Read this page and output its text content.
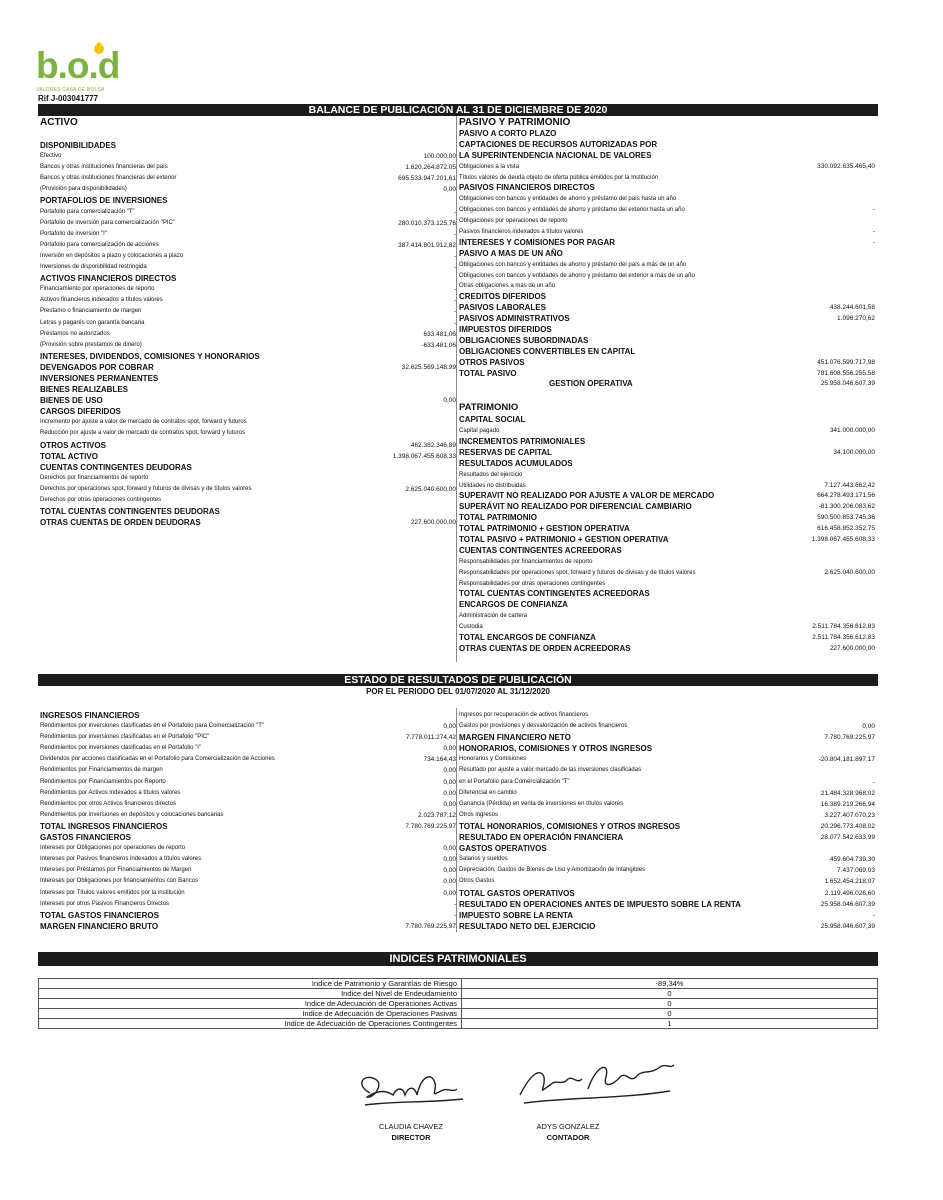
b.o.d
VALORES CASA DE BOLSA
Rif J-003041777
BALANCE DE PUBLICACIÓN AL 31 DE DICIEMBRE DE 2020
ACTIVO	PASIVO Y PATRIMONIO
DISPONIBILIDADES
Efectivo	100.000,00
Bancos y otras instituciones financieras del país	1.620.264.872,05
Bancos y otras instituciones financieras del exterior	695.533.947.201,61
(Provisión para disponibilidades)	0,00
PORTAFOLIOS DE INVERSIONES
Portafolio para comercialización "T"	-
Portafolio de inversión para comercialización "PIC"	280.010.373.125,76
Portafolio de inversión "I"	-
Portafolio para comercialización de acciones	387.414.801.912,82
Inversión en depósitos a plazo y colocaciones a plazo	-
Inversiones de disponibilidad restringida	-
ACTIVOS FINANCIEROS DIRECTOS
Financiamiento por operaciones de reporto	-
Activos financieros indexados a títulos valores	-
Prestamo o financiamiento de margen	-
Letras y pagarés con garantía bancaria	-
Préstamos no autorizados	633.481,06
(Provisión sobre prestamos de dinero)	-633.481,06
INTERESES, DIVIDENDOS, COMISIONES Y HONORARIOS
DEVENGADOS POR COBRAR	32.625.569.148,99
INVERSIONES PERMANENTES
BIENES REALIZABLES
BIENES DE USO	0,00
CARGOS DIFERIDOS
Incremento por ajuste a valor de mercado de contratos spot, forward y futuros
Reducción por ajuste a valor de mercado de contratos spot, forward y futuros
OTROS ACTIVOS	462.382.346,89
TOTAL ACTIVO	1.398.067.455.608,33
CUENTAS CONTINGENTES DEUDORAS
Derechos por financiamientos de reporto
Derechos por operaciones spot, forward y futuros de divisas y de títulos valores	2.625.040.600,00
Derechos por otras operaciones contingentes
TOTAL CUENTAS CONTINGENTES DEUDORAS
OTRAS CUENTAS DE ORDEN DEUDORAS	227.600.000,00
PASIVO A CORTO PLAZO
CAPTACIONES DE RECURSOS AUTORIZADAS POR
LA SUPERINTENDENCIA NACIONAL DE VALORES
Obligaciones a la vista	330.092.635.465,40
Títulos valores de deuda objeto de oferta pública emitidos por la Institución
PASIVOS FINANCIEROS DIRECTOS
Obligaciones con bancos y entidades de ahorro y préstamo del país hasta un año
Obligaciones con bancos y entidades de ahorro y préstamo del exterior hasta un año	-
Obligaciones por operaciones de reporto
Pasivos financieros indexados a títulos valores	-
INTERESES Y COMISIONES POR PAGAR	-
PASIVO A MAS DE UN AÑO
Obligaciones con bancos y entidades de ahorro y préstamo del país a más de un año
Obligaciones con bancos y entidades de ahorro y préstamo del exterior a más de un año
Otras obligaciones a más de un año
CREDITOS DIFERIDOS
PASIVOS LABORALES	438.244.601,58
PASIVOS ADMINISTRATIVOS	1.096.270,62
IMPUESTOS DIFERIDOS
OBLIGACIONES SUBORDINADAS
OBLIGACIONES CONVERTIBLES EN CAPITAL
OTROS PASIVOS	451.076.599.717,98
TOTAL PASIVO	781.608.556.255,58
GESTION OPERATIVA	25.958.046.607,39
PATRIMONIO
CAPITAL SOCIAL
Capital pagado	341.000.000,00
INCREMENTOS PATRIMONIALES
RESERVAS DE CAPITAL	34.100.000,00
RESULTADOS ACUMULADOS
Resultados del ejercicio
Utilidades no distribuidas	7.127.443.662,42
SUPERAVIT NO REALIZADO POR AJUSTE A VALOR DE MERCADO	664.278.493.171,56
SUPERÁVIT NO REALIZADO POR DIFERENCIAL CAMBIARIO	-81.300.206.083,62
TOTAL PATRIMONIO	590.500.853.745,36
TOTAL PATRIMONIO + GESTION OPERATIVA	616.458.852.352,75
TOTAL PASIVO + PATRIMONIO + GESTION OPERATIVA	1.398.067.455.608,33
CUENTAS CONTINGENTES ACREEDORAS
Responsabilidades por financiamientos de reporto
Responsabilidades por operaciones spot, forward y futuros de divisas y de títulos valores	2.625.040.600,00
Responsabilidades por otras operaciones contingentes
TOTAL CUENTAS CONTINGENTES ACREEDORAS
ENCARGOS DE CONFIANZA
Administración de cartera
Custodia	2.511.784.356.612,83
TOTAL ENCARGOS DE CONFIANZA	2.511.784.356.612,83
OTRAS CUENTAS DE ORDEN ACREEDORAS	227.600.000,00
ESTADO DE RESULTADOS DE PUBLICACIÓN
POR EL PERIODO DEL 01/07/2020 AL 31/12/2020
INGRESOS FINANCIEROS
Rendimientos por inversiones clasificadas en el Portafolio para Comercialización "T"	0,00
Rendimientos por inversiones clasificadas en el Portafolio "PIC"	7.778.011.274,42
Rendimientos por inversiones clasificadas en el Portafolio "I"	0,00
Dividendos por acciones clasificadas en el Portafolio para Comercialización de Acciones	734.164,43
Rendimientos por Financiamientos de margen	0,00
Rendimientos por Financiamientos por Reporto	0,00
Rendimientos por Activos indexados a títulos valores	0,00
Rendimientos por otros Activos financieros directos	0,00
Rendimientos por inversiones en depósitos y colocaciones bancarias	2.023.787,12
TOTAL INGRESOS FINANCIEROS	7.780.769.225,97
GASTOS FINANCIEROS
Intereses por Obligaciones por operaciones de reporto	0,00
Intereses por Pasivos financieros indexados a títulos valores	0,00
Intereses por Préstamos por Financiamientos de Margen	0,00
Intereses por Obligaciones por financiamientos con Bancos	0,00
Intereses por Títulos valores emitidos por la institución	0,00
Intereses por otros Pasivos Financieros Directos	-
TOTAL GASTOS FINANCIEROS	-
MARGEN FINANCIERO BRUTO	7.780.769.225,97
Ingresos por recuperación de activos financieros
Gastos por provisiones y desvalorización de activos financieros	0,00
MARGEN FINANCIERO NETO	7.780.769.225,97
HONORARIOS, COMISIONES Y OTROS INGRESOS
Honorarios y Comisiones	-20.804.181.897,17
Resultado por ajuste a valor mercado de las inversiones clasificadas
en el Portafolio para Comercialización "T"	-
Diferencial en cambio	21.484.328.968,02
Ganancia (Pérdida) en venta de inversiones en títulos valores	16.389.219.266,94
Otros ingresos	3.227.407.070,23
TOTAL HONORARIOS, COMISIONES Y OTROS INGRESOS	20.296.773.408,02
RESULTADO EN OPERACIÓN FINANCIERA	28.077.542.633,99
GASTOS OPERATIVOS
Salarios y sueldos	459.604.739,30
Depreciación, Gastos de Bienes de Uso y Amortización de Intangibles	7.437.069,03
Otros Gastos	1.652.454.218,07
TOTAL GASTOS OPERATIVOS	2.119.496.026,60
RESULTADO EN OPERACIONES ANTES DE IMPUESTO SOBRE LA RENTA	25.958.046.607,39
IMPUESTO SOBRE LA RENTA	-
RESULTADO NETO DEL EJERCICIO	25.958.046.607,39
INDICES PATRIMONIALES
Indice de Patrimonio y Garantías de Riesgo	-89,34%
Indice del Nivel de Endeudamiento	0
Indice de Adecuación de Operaciones Activas	0
Indice de Adecuación de Operaciones Pasivas	0
Indice de Adecuación de Operaciones Contingentes	1
CLAUDIA CHAVEZ
DIRECTOR
ADYS GONZALEZ
CONTADOR
